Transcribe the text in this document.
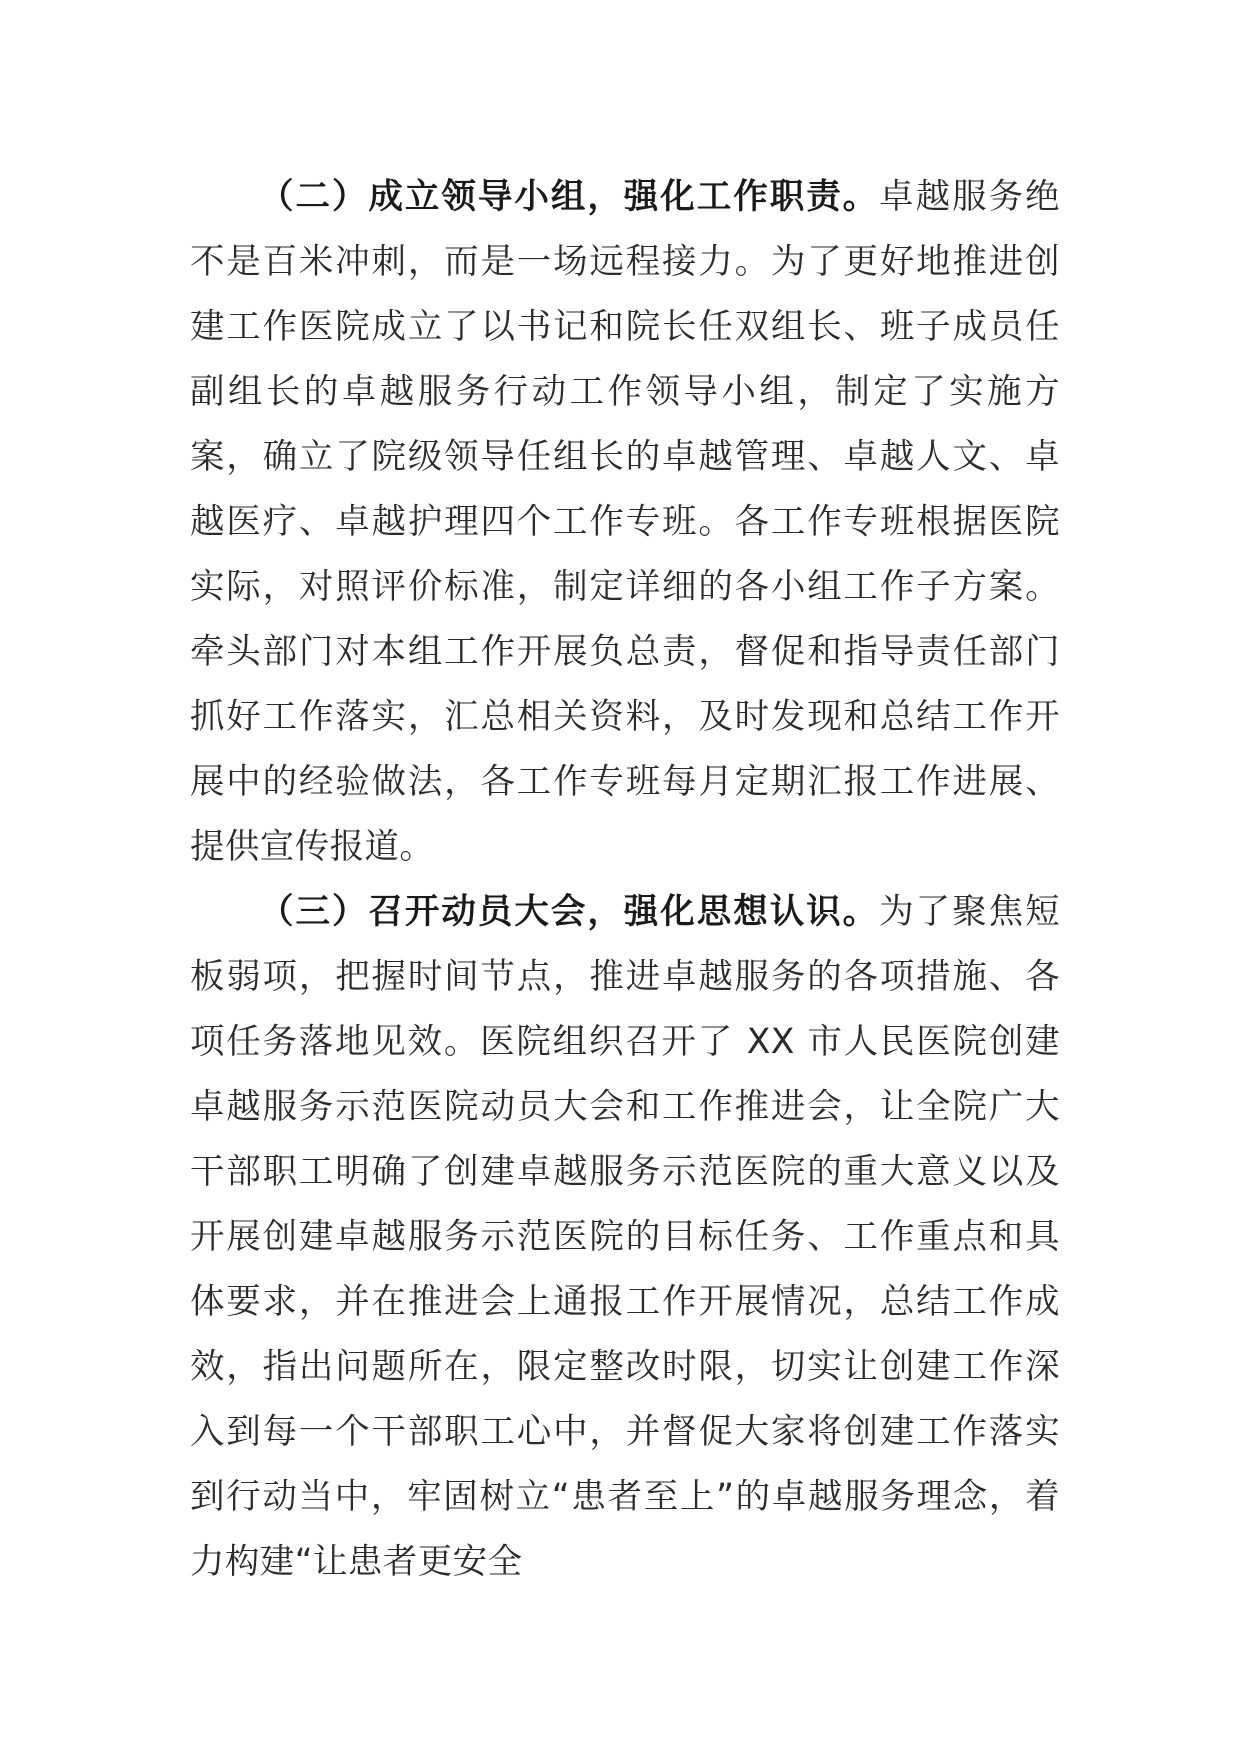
（二）成立领导小组，强化工作职责。卓越服务绝不是百米冲刺，而是一场远程接力。为了更好地推进创建工作医院成立了以书记和院长任双组长、班子成员任副组长的卓越服务行动工作领导小组，制定了实施方案，确立了院级领导任组长的卓越管理、卓越人文、卓越医疗、卓越护理四个工作专班。各工作专班根据医院实际，对照评价标准，制定详细的各小组工作子方案。牵头部门对本组工作开展负总责，督促和指导责任部门抓好工作落实，汇总相关资料，及时发现和总结工作开展中的经验做法，各工作专班每月定期汇报工作进展、提供宣传报道。

（三）召开动员大会，强化思想认识。为了聚焦短板弱项，把握时间节点，推进卓越服务的各项措施、各项任务落地见效。医院组织召开了 XX 市人民医院创建卓越服务示范医院动员大会和工作推进会，让全院广大干部职工明确了创建卓越服务示范医院的重大意义以及开展创建卓越服务示范医院的目标任务、工作重点和具体要求，并在推进会上通报工作开展情况，总结工作成效，指出问题所在，限定整改时限，切实让创建工作深入到每一个干部职工心中，并督促大家将创建工作落实到行动当中，牢固树立“患者至上”的卓越服务理念，着力构建“让患者更安全
